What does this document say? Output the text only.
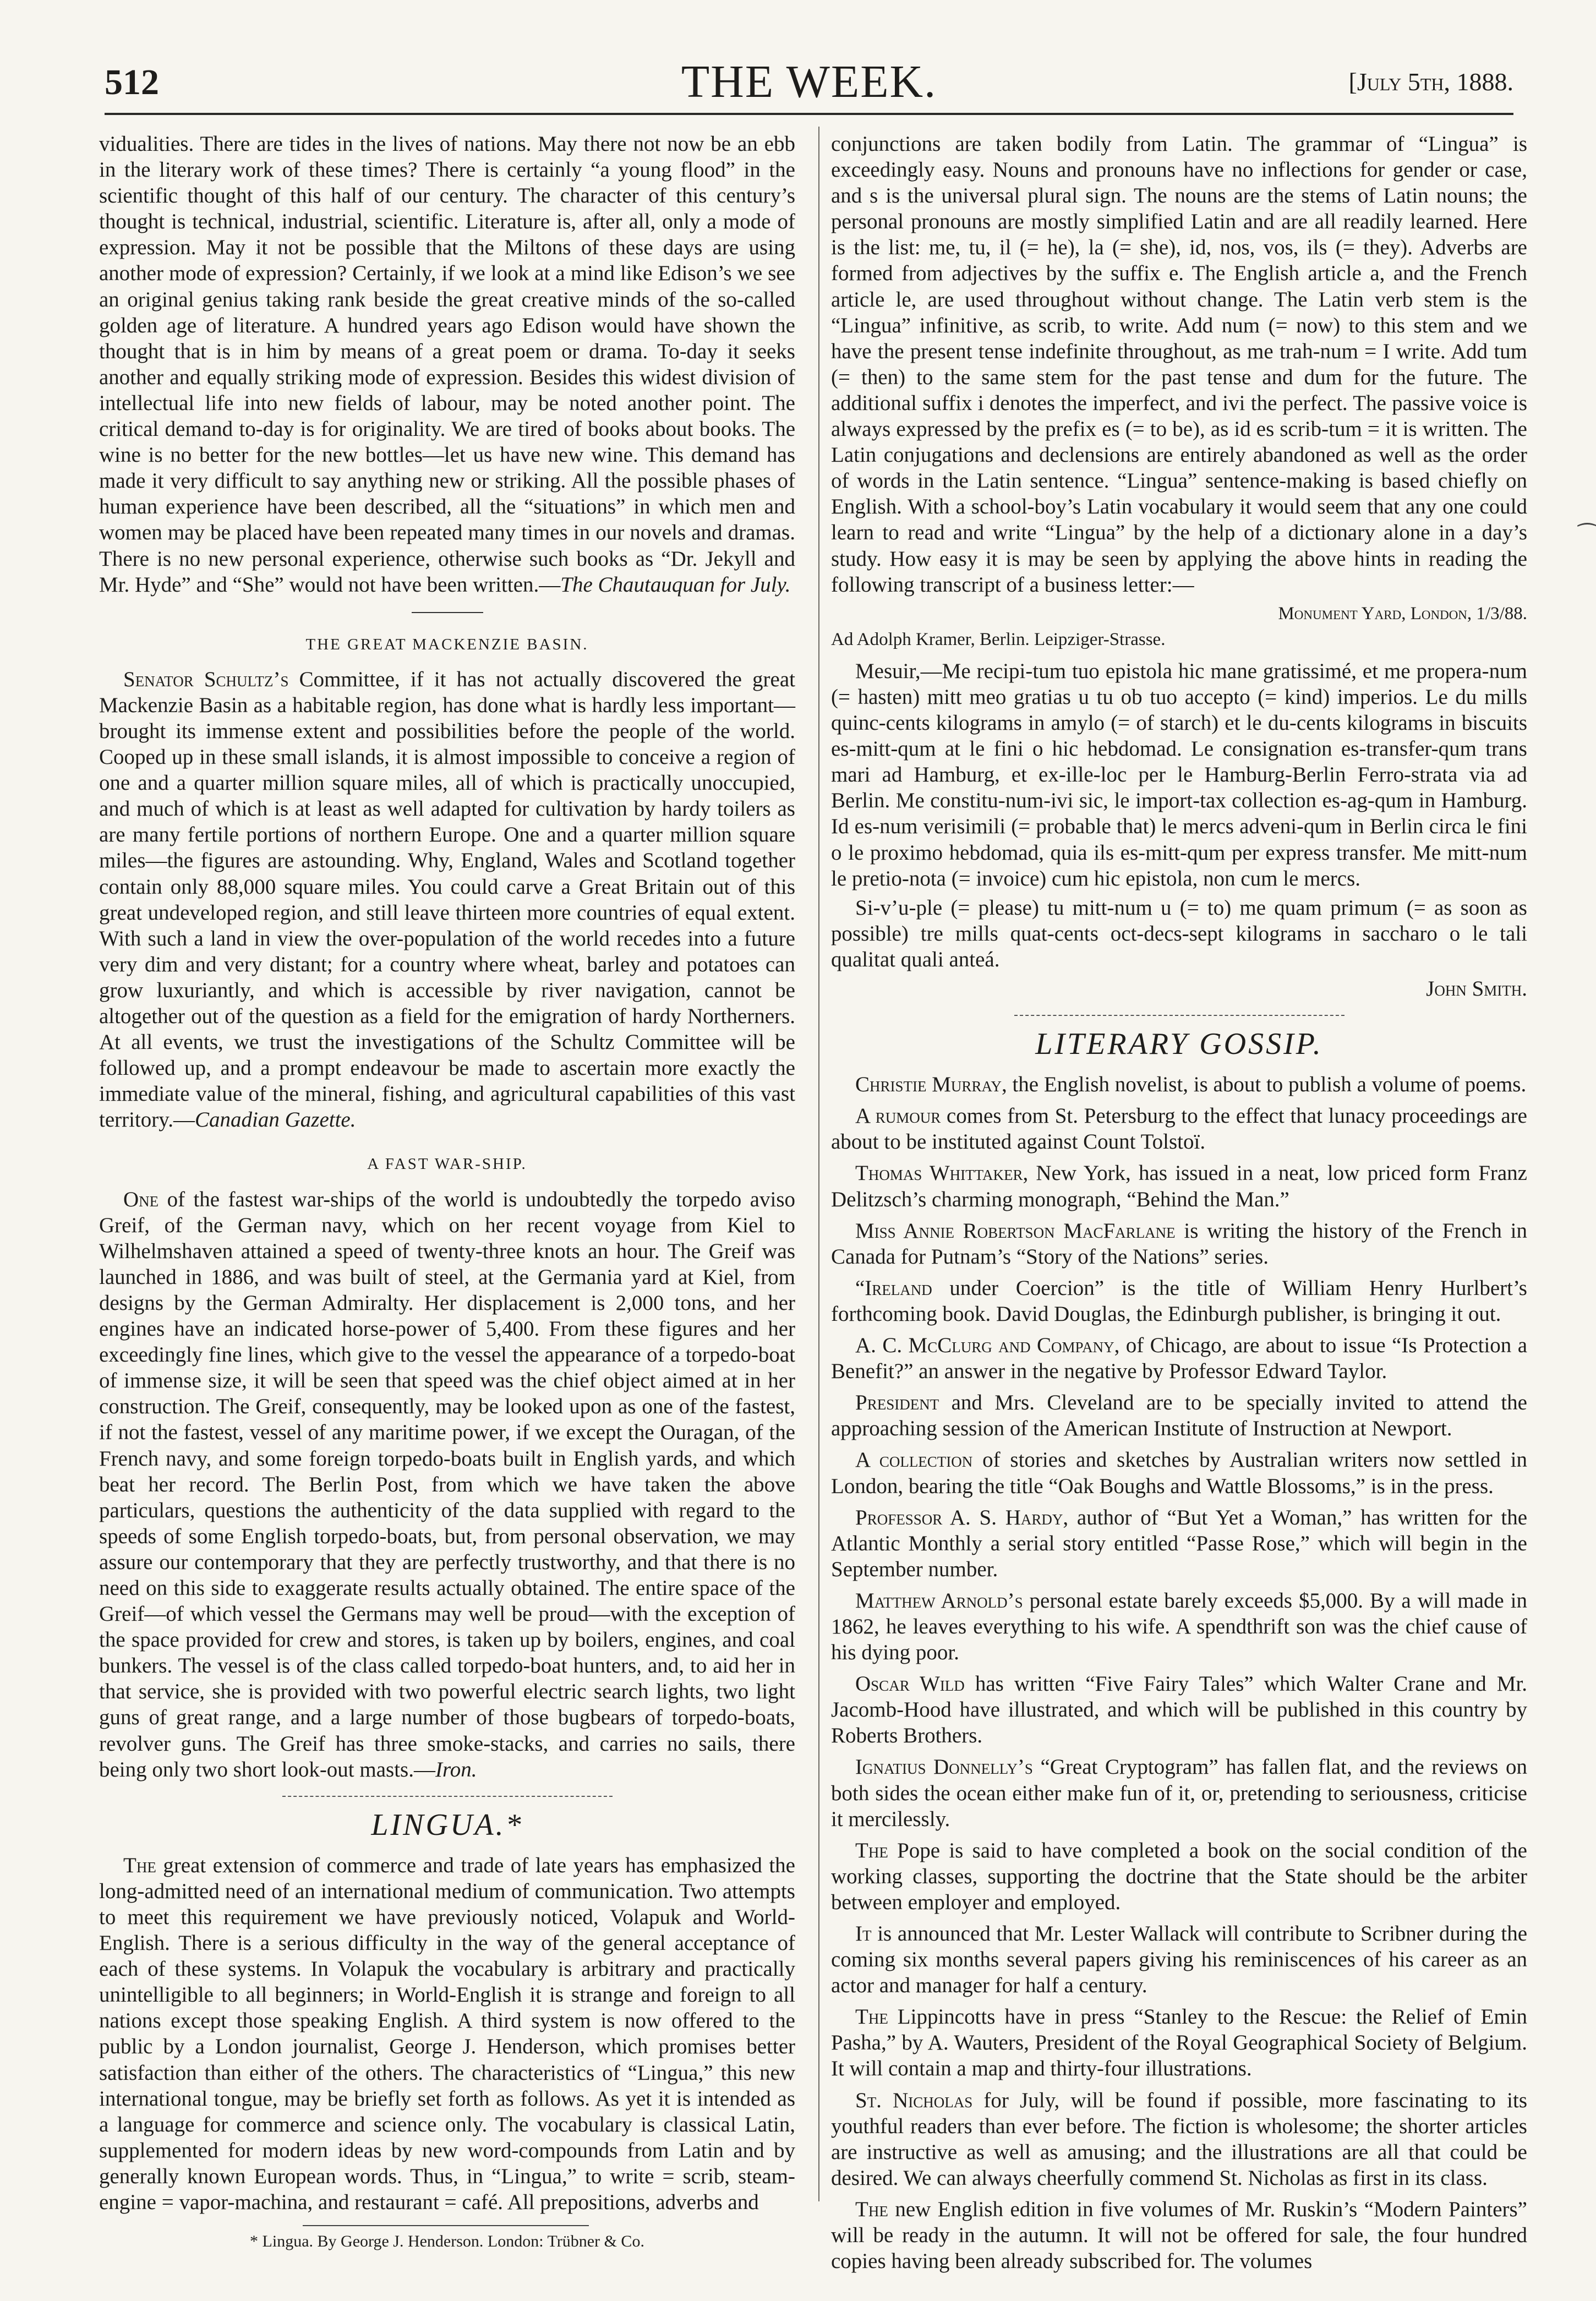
512	THE WEEK.	[July 5th, 1888.

vidualities. There are tides in the lives of nations. May there not now be an ebb in the literary work of these times? There is certainly “a young flood” in the scientific thought of this half of our century. The character of this century’s thought is technical, industrial, scientific. Literature is, after all, only a mode of expression. May it not be possible that the Miltons of these days are using another mode of expression? Certainly, if we look at a mind like Edison’s we see an original genius taking rank beside the great creative minds of the so-called golden age of literature. A hundred years ago Edison would have shown the thought that is in him by means of a great poem or drama. To-day it seeks another and equally striking mode of expression. Besides this widest division of intellectual life into new fields of labour, may be noted another point. The critical demand to-day is for originality. We are tired of books about books. The wine is no better for the new bottles—let us have new wine. This demand has made it very difficult to say anything new or striking. All the possible phases of human experience have been described, all the “situations” in which men and women may be placed have been repeated many times in our novels and dramas. There is no new personal experience, otherwise such books as “Dr. Jekyll and Mr. Hyde” and “She” would not have been written.—The Chautauquan for July.

THE GREAT MACKENZIE BASIN.

Senator Schultz’s Committee, if it has not actually discovered the great Mackenzie Basin as a habitable region, has done what is hardly less important—brought its immense extent and possibilities before the people of the world. Cooped up in these small islands, it is almost impossible to conceive a region of one and a quarter million square miles, all of which is practically unoccupied, and much of which is at least as well adapted for cultivation by hardy toilers as are many fertile portions of northern Europe. One and a quarter million square miles—the figures are astounding. Why, England, Wales and Scotland together contain only 88,000 square miles. You could carve a Great Britain out of this great undeveloped region, and still leave thirteen more countries of equal extent. With such a land in view the over-population of the world recedes into a future very dim and very distant; for a country where wheat, barley and potatoes can grow luxuriantly, and which is accessible by river navigation, cannot be altogether out of the question as a field for the emigration of hardy Northerners. At all events, we trust the investigations of the Schultz Committee will be followed up, and a prompt endeavour be made to ascertain more exactly the immediate value of the mineral, fishing, and agricultural capabilities of this vast territory.—Canadian Gazette.

A FAST WAR-SHIP.

One of the fastest war-ships of the world is undoubtedly the torpedo aviso Greif, of the German navy, which on her recent voyage from Kiel to Wilhelmshaven attained a speed of twenty-three knots an hour. The Greif was launched in 1886, and was built of steel, at the Germania yard at Kiel, from designs by the German Admiralty. Her displacement is 2,000 tons, and her engines have an indicated horse-power of 5,400. From these figures and her exceedingly fine lines, which give to the vessel the appearance of a torpedo-boat of immense size, it will be seen that speed was the chief object aimed at in her construction. The Greif, consequently, may be looked upon as one of the fastest, if not the fastest, vessel of any maritime power, if we except the Ouragan, of the French navy, and some foreign torpedo-boats built in English yards, and which beat her record. The Berlin Post, from which we have taken the above particulars, questions the authenticity of the data supplied with regard to the speeds of some English torpedo-boats, but, from personal observation, we may assure our contemporary that they are perfectly trustworthy, and that there is no need on this side to exaggerate results actually obtained. The entire space of the Greif—of which vessel the Germans may well be proud—with the exception of the space provided for crew and stores, is taken up by boilers, engines, and coal bunkers. The vessel is of the class called torpedo-boat hunters, and, to aid her in that service, she is provided with two powerful electric search lights, two light guns of great range, and a large number of those bugbears of torpedo-boats, revolver guns. The Greif has three smoke-stacks, and carries no sails, there being only two short look-out masts.—Iron.

LINGUA.*

The great extension of commerce and trade of late years has emphasized the long-admitted need of an international medium of communication. Two attempts to meet this requirement we have previously noticed, Volapuk and World-English. There is a serious difficulty in the way of the general acceptance of each of these systems. In Volapuk the vocabulary is arbitrary and practically unintelligible to all beginners; in World-English it is strange and foreign to all nations except those speaking English. A third system is now offered to the public by a London journalist, George J. Henderson, which promises better satisfaction than either of the others. The characteristics of “Lingua,” this new international tongue, may be briefly set forth as follows. As yet it is intended as a language for commerce and science only. The vocabulary is classical Latin, supplemented for modern ideas by new word-compounds from Latin and by generally known European words. Thus, in “Lingua,” to write = scrib, steam-engine = vapor-machina, and restaurant = café. All prepositions, adverbs and

* Lingua. By George J. Henderson. London: Trübner & Co.

conjunctions are taken bodily from Latin. The grammar of “Lingua” is exceedingly easy. Nouns and pronouns have no inflections for gender or case, and s is the universal plural sign. The nouns are the stems of Latin nouns; the personal pronouns are mostly simplified Latin and are all readily learned. Here is the list: me, tu, il (= he), la (= she), id, nos, vos, ils (= they). Adverbs are formed from adjectives by the suffix e. The English article a, and the French article le, are used throughout without change. The Latin verb stem is the “Lingua” infinitive, as scrib, to write. Add num (= now) to this stem and we have the present tense indefinite throughout, as me trah-num = I write. Add tum (= then) to the same stem for the past tense and dum for the future. The additional suffix i denotes the imperfect, and ivi the perfect. The passive voice is always expressed by the prefix es (= to be), as id es scrib-tum = it is written. The Latin conjugations and declensions are entirely abandoned as well as the order of words in the Latin sentence. “Lingua” sentence-making is based chiefly on English. With a school-boy’s Latin vocabulary it would seem that any one could learn to read and write “Lingua” by the help of a dictionary alone in a day’s study. How easy it is may be seen by applying the above hints in reading the following transcript of a business letter:—

Monument Yard, London, 1/3/88.
Ad Adolph Kramer, Berlin. Leipziger-Strasse.

Mesuir,—Me recipi-tum tuo epistola hic mane gratissimé, et me propera-num (= hasten) mitt meo gratias u tu ob tuo accepto (= kind) imperios. Le du mills quinc-cents kilograms in amylo (= of starch) et le du-cents kilograms in biscuits es-mitt-qum at le fini o hic hebdomad. Le consignation es-transfer-qum trans mari ad Hamburg, et ex-ille-loc per le Hamburg-Berlin Ferro-strata via ad Berlin. Me constitu-num-ivi sic, le import-tax collection es-ag-qum in Hamburg. Id es-num verisimili (= probable that) le mercs adveni-qum in Berlin circa le fini o le proximo hebdomad, quia ils es-mitt-qum per express transfer. Me mitt-num le pretio-nota (= invoice) cum hic epistola, non cum le mercs.

Si-v’u-ple (= please) tu mitt-num u (= to) me quam primum (= as soon as possible) tre mills quat-cents oct-decs-sept kilograms in saccharo o le tali qualitat quali anteá.

John Smith.
LITERARY GOSSIP.

Christie Murray, the English novelist, is about to publish a volume of poems.

A rumour comes from St. Petersburg to the effect that lunacy proceedings are about to be instituted against Count Tolstoï.

Thomas Whittaker, New York, has issued in a neat, low priced form Franz Delitzsch’s charming monograph, “Behind the Man.”

Miss Annie Robertson MacFarlane is writing the history of the French in Canada for Putnam’s “Story of the Nations” series.

“Ireland under Coercion” is the title of William Henry Hurlbert’s forthcoming book. David Douglas, the Edinburgh publisher, is bringing it out.

A. C. McClurg and Company, of Chicago, are about to issue “Is Protection a Benefit?” an answer in the negative by Professor Edward Taylor.

President and Mrs. Cleveland are to be specially invited to attend the approaching session of the American Institute of Instruction at Newport.

A collection of stories and sketches by Australian writers now settled in London, bearing the title “Oak Boughs and Wattle Blossoms,” is in the press.

Professor A. S. Hardy, author of “But Yet a Woman,” has written for the Atlantic Monthly a serial story entitled “Passe Rose,” which will begin in the September number.

Matthew Arnold’s personal estate barely exceeds $5,000. By a will made in 1862, he leaves everything to his wife. A spendthrift son was the chief cause of his dying poor.

Oscar Wild has written “Five Fairy Tales” which Walter Crane and Mr. Jacomb-Hood have illustrated, and which will be published in this country by Roberts Brothers.

Ignatius Donnelly’s “Great Cryptogram” has fallen flat, and the reviews on both sides the ocean either make fun of it, or, pretending to seriousness, criticise it mercilessly.

The Pope is said to have completed a book on the social condition of the working classes, supporting the doctrine that the State should be the arbiter between employer and employed.

It is announced that Mr. Lester Wallack will contribute to Scribner during the coming six months several papers giving his reminiscences of his career as an actor and manager for half a century.

The Lippincotts have in press “Stanley to the Rescue: the Relief of Emin Pasha,” by A. Wauters, President of the Royal Geographical Society of Belgium. It will contain a map and thirty-four illustrations.

St. Nicholas for July, will be found if possible, more fascinating to its youthful readers than ever before. The fiction is wholesome; the shorter articles are instructive as well as amusing; and the illustrations are all that could be desired. We can always cheerfully commend St. Nicholas as first in its class.

The new English edition in five volumes of Mr. Ruskin’s “Modern Painters” will be ready in the autumn. It will not be offered for sale, the four hundred copies having been already subscribed for. The volumes

⁀
